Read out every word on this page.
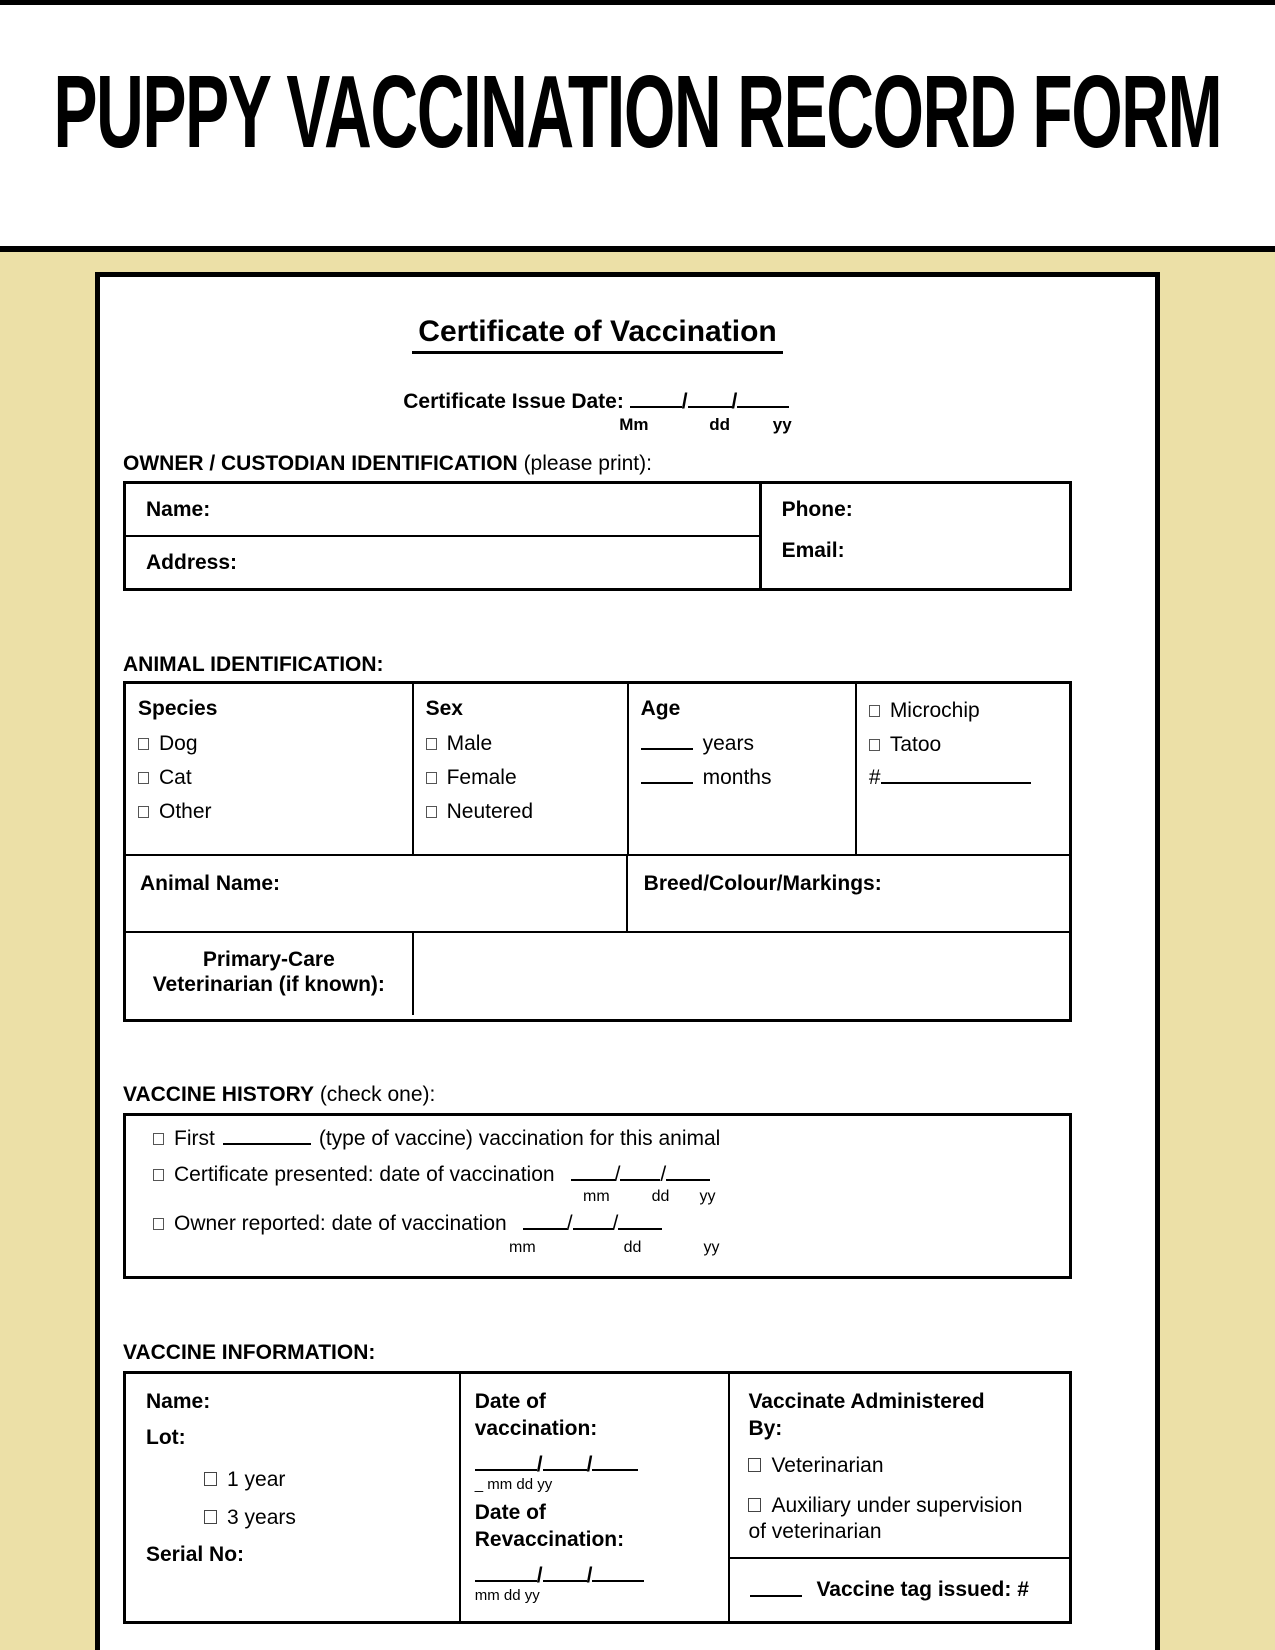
PUPPY VACCINATION RECORD FORM
Certificate of Vaccination
Certificate Issue Date:	/ /
Mm	dd	yy
OWNER / CUSTODIAN IDENTIFICATION (please print):
Name:
Address:
Phone:
Email:
ANIMAL IDENTIFICATION:
Species
Dog
Cat
Other
Sex
Male
Female
Neutered
Age
years
months
Microchip
Tatoo
#
Animal Name:	Breed/Colour/Markings:
Primary-Care
Veterinarian (if known):
VACCINE HISTORY (check one):
First	(type of vaccine) vaccination for this animal
Certificate presented: date of vaccination	/ /
mm	dd yy
Owner reported: date of vaccination	/ /
mm	dd	yy
VACCINE INFORMATION:
Name:
Lot:
1 year
3 years
Serial No:
Date of
vaccination:
/ /
_ mm dd yy
Date of
Revaccination:
/ /
mm dd yy
Vaccinate Administered
By:
Veterinarian
Auxiliary under supervision
of veterinarian
Vaccine tag issued: #
